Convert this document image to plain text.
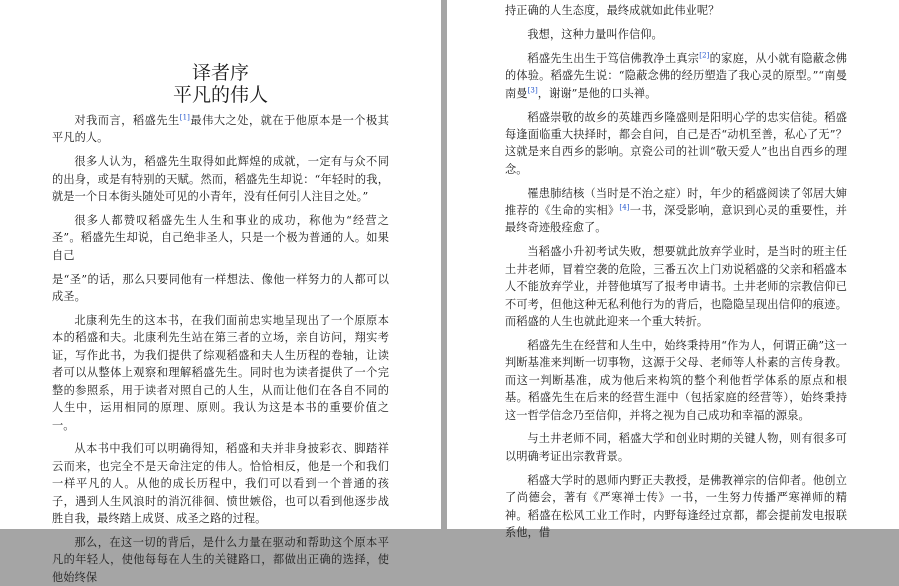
译者序
平凡的伟人

对我而言，稻盛先生[1]最伟大之处，就在于他原本是一个极其平凡的人。

很多人认为，稻盛先生取得如此辉煌的成就，一定有与众不同的出身，或是有特别的天赋。然而，稻盛先生却说：“年轻时的我，就是一个日本街头随处可见的小青年，没有任何引人注目之处。”

很多人都赞叹稻盛先生人生和事业的成功，称他为“经营之圣”。稻盛先生却说，自己绝非圣人，只是一个极为普通的人。如果自己

是“圣”的话，那么只要同他有一样想法、像他一样努力的人都可以成圣。

北康利先生的这本书，在我们面前忠实地呈现出了一个原原本本的稻盛和夫。北康利先生站在第三者的立场，亲自访问，翔实考证，写作此书，为我们提供了综观稻盛和夫人生历程的卷轴，让读者可以从整体上观察和理解稻盛先生。同时也为读者提供了一个完整的参照系，用于读者对照自己的人生，从而让他们在各自不同的人生中，运用相同的原理、原则。我认为这是本书的重要价值之一。

从本书中我们可以明确得知，稻盛和夫并非身披彩衣、脚踏祥云而来，也完全不是天命注定的伟人。恰恰相反，他是一个和我们一样平凡的人。从他的成长历程中，我们可以看到一个普通的孩子，遇到人生风浪时的消沉徘徊、愤世嫉俗，也可以看到他逐步战胜自我，最终踏上成贤、成圣之路的过程。

那么，在这一切的背后，是什么力量在驱动和帮助这个原本平凡的年轻人，使他每每在人生的关键路口，都做出正确的选择，使他始终保

持正确的人生态度，最终成就如此伟业呢？

我想，这种力量叫作信仰。

稻盛先生出生于笃信佛教净土真宗[2]的家庭，从小就有隐蔽念佛的体验。稻盛先生说：“隐蔽念佛的经历塑造了我心灵的原型。”“南曼南曼[3]，谢谢”是他的口头禅。

稻盛崇敬的故乡的英雄西乡隆盛则是阳明心学的忠实信徒。稻盛每逢面临重大抉择时，都会自问，自己是否“动机至善，私心了无”？这就是来自西乡的影响。京瓷公司的社训“敬天爱人”也出自西乡的理念。

罹患肺结核（当时是不治之症）时，年少的稻盛阅读了邻居大婶推荐的《生命的实相》[4]一书，深受影响，意识到心灵的重要性，并最终奇迹般痊愈了。

当稻盛小升初考试失败，想要就此放弃学业时，是当时的班主任土井老师，冒着空袭的危险，三番五次上门劝说稻盛的父亲和稻盛本人不能放弃学业，并替他填写了报考申请书。土井老师的宗教信仰已不可考，但他这种无私利他行为的背后，也隐隐呈现出信仰的痕迹。而稻盛的人生也就此迎来一个重大转折。

稻盛先生在经营和人生中，始终秉持用“作为人，何谓正确”这一判断基准来判断一切事物，这源于父母、老师等人朴素的言传身教。而这一判断基准，成为他后来构筑的整个利他哲学体系的原点和根基。稻盛先生在后来的经营生涯中（包括家庭的经营等），始终秉持这一哲学信念乃至信仰，并将之视为自己成功和幸福的源泉。

与土井老师不同，稻盛大学和创业时期的关键人物，则有很多可以明确考证出宗教背景。

稻盛大学时的恩师内野正夫教授，是佛教禅宗的信仰者。他创立了尚德会，著有《严寒禅士传》一书，一生努力传播严寒禅师的精神。稻盛在松风工业工作时，内野每逢经过京都，都会提前发电报联系他，借
